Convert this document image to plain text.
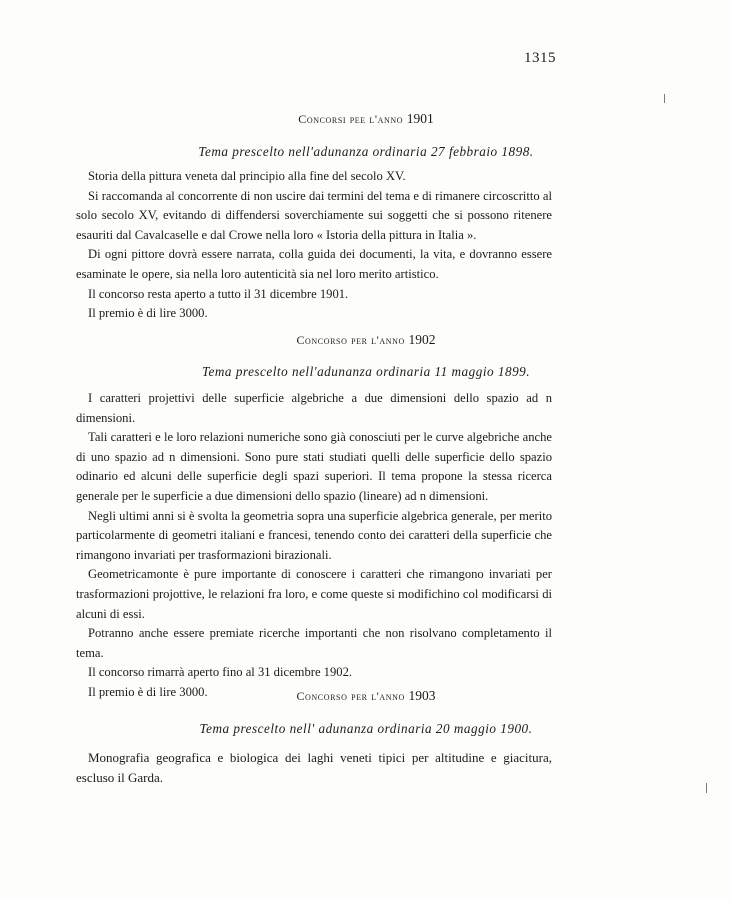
1315
Concorsi pee l'anno 1901
Tema prescelto nell'adunanza ordinaria 27 febbraio 1898.

Storia della pittura veneta dal principio alla fine del secolo XV.

Si raccomanda al concorrente di non uscire dai termini del tema e di rimanere circoscritto al solo secolo XV, evitando di diffendersi soverchiamente sui soggetti che si possono ritenere esauriti dal Cavalcaselle e dal Crowe nella loro « Istoria della pittura in Italia ».

Di ogni pittore dovrà essere narrata, colla guida dei documenti, la vita, e dovranno essere esaminate le opere, sia nella loro autenticità sia nel loro merito artistico.

Il concorso resta aperto a tutto il 31 dicembre 1901.

Il premio è di lire 3000.

Concorso per l'anno 1902
Tema prescelto nell'adunanza ordinaria 11 maggio 1899.

I caratteri projettivi delle superficie algebriche a due dimensioni dello spazio ad n dimensioni.

Tali caratteri e le loro relazioni numeriche sono già conosciuti per le curve algebriche anche di uno spazio ad n dimensioni. Sono pure stati studiati quelli delle superficie dello spazio odinario ed alcuni delle superficie degli spazi superiori. Il tema propone la stessa ricerca generale per le superficie a due dimensioni dello spazio (lineare) ad n dimensioni.

Negli ultimi anni si è svolta la geometria sopra una superficie algebrica generale, per merito particolarmente di geometri italiani e francesi, tenendo conto dei caratteri della superficie che rimangono invariati per trasformazioni birazionali.

Geometricamonte è pure importante di conoscere i caratteri che rimangono invariati per trasformazioni projottive, le relazioni fra loro, e come queste si modifichino col modificarsi di alcuni di essi.

Potranno anche essere premiate ricerche importanti che non risolvano completamento il tema.

Il concorso rimarrà aperto fino al 31 dicembre 1902.

Il premio è di lire 3000.	Concorso per l'anno 1903
Tema prescelto nell' adunanza ordinaria 20 maggio 1900.

Monografia geografica e biologica dei laghi veneti tipici per altitudine e giacitura, escluso il Garda.
